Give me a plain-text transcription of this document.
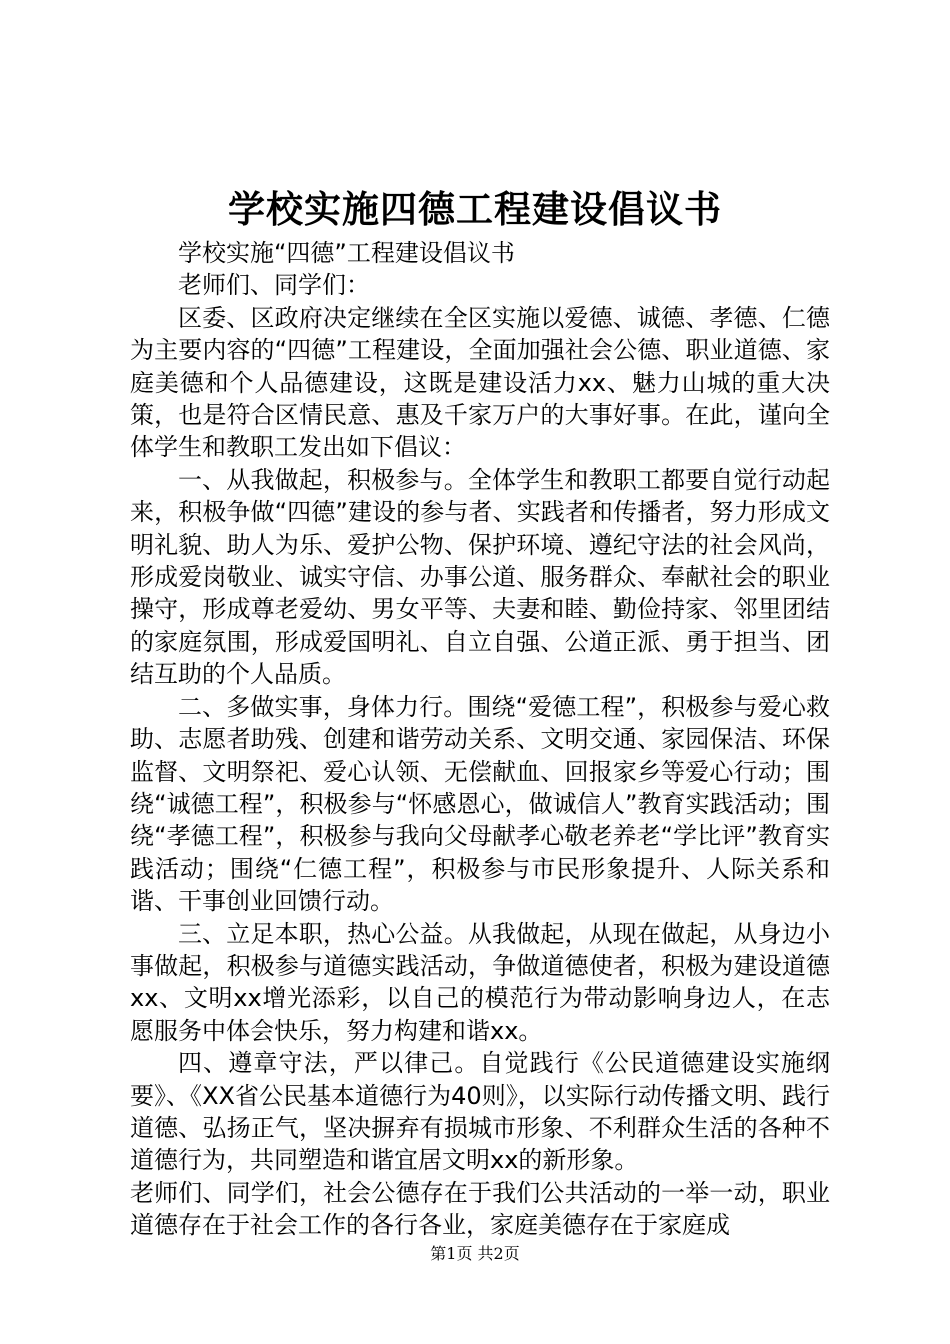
学校实施四德工程建设倡议书

学校实施“四德”工程建设倡议书

老师们、同学们：

区委、区政府决定继续在全区实施以爱德、诚德、孝德、仁德为主要内容的“四德”工程建设，全面加强社会公德、职业道德、家庭美德和个人品德建设，这既是建设活力xx、魅力山城的重大决策，也是符合区情民意、惠及千家万户的大事好事。在此，谨向全体学生和教职工发出如下倡议：

一、从我做起，积极参与。全体学生和教职工都要自觉行动起来，积极争做“四德”建设的参与者、实践者和传播者，努力形成文明礼貌、助人为乐、爱护公物、保护环境、遵纪守法的社会风尚，形成爱岗敬业、诚实守信、办事公道、服务群众、奉献社会的职业操守，形成尊老爱幼、男女平等、夫妻和睦、勤俭持家、邻里团结的家庭氛围，形成爱国明礼、自立自强、公道正派、勇于担当、团结互助的个人品质。

二、多做实事，身体力行。围绕“爱德工程”，积极参与爱心救助、志愿者助残、创建和谐劳动关系、文明交通、家园保洁、环保监督、文明祭祀、爱心认领、无偿献血、回报家乡等爱心行动；围绕“诚德工程”，积极参与“怀感恩心，做诚信人”教育实践活动；围绕“孝德工程”，积极参与我向父母献孝心敬老养老“学比评”教育实践活动；围绕“仁德工程”，积极参与市民形象提升、人际关系和谐、干事创业回馈行动。

三、立足本职，热心公益。从我做起，从现在做起，从身边小事做起，积极参与道德实践活动，争做道德使者，积极为建设道德xx、文明xx增光添彩，以自己的模范行为带动影响身边人，在志愿服务中体会快乐，努力构建和谐xx。

四、遵章守法，严以律己。自觉践行《公民道德建设实施纲要》、《XX省公民基本道德行为40则》，以实际行动传播文明、践行道德、弘扬正气，坚决摒弃有损城市形象、不利群众生活的各种不道德行为，共同塑造和谐宜居文明xx的新形象。

老师们、同学们，社会公德存在于我们公共活动的一举一动，职业道德存在于社会工作的各行各业，家庭美德存在于家庭成

第1页 共2页
